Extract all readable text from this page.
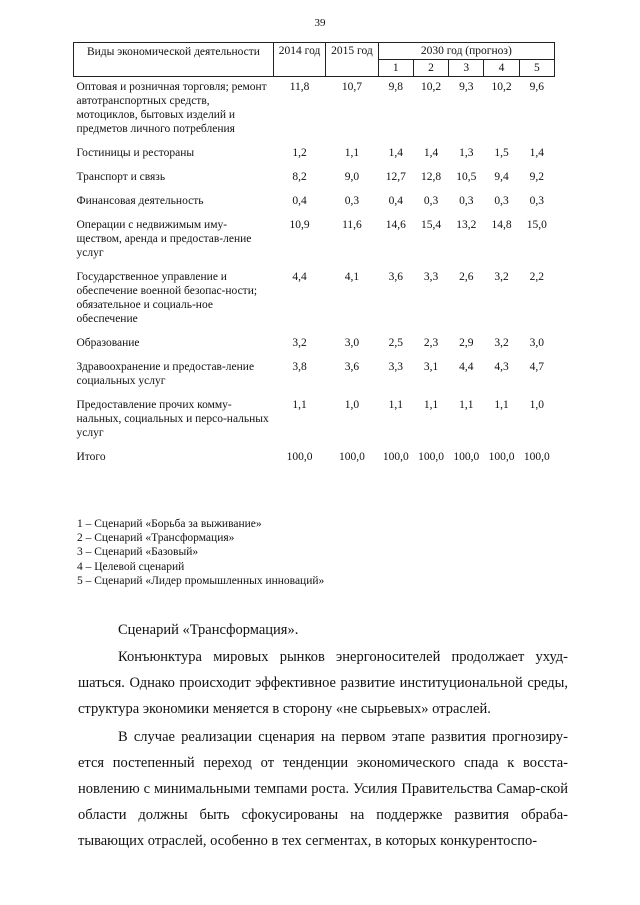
39
Виды экономической деятельности	2014 год	2015 год	2030 год (прогноз)				
			1	2	3	4	5
Оптовая и розничная торговля; ремонт автотранспортных средств, мотоциклов, бытовых изделий и предметов личного потребления	11,8	10,7	9,8	10,2	9,3	10,2	9,6
Гостиницы и рестораны	1,2	1,1	1,4	1,4	1,3	1,5	1,4
Транспорт и связь	8,2	9,0	12,7	12,8	10,5	9,4	9,2
Финансовая деятельность	0,4	0,3	0,4	0,3	0,3	0,3	0,3
Операции с недвижимым иму-ществом, аренда и предостав-ление услуг	10,9	11,6	14,6	15,4	13,2	14,8	15,0
Государственное управление и обеспечение военной безопас-ности; обязательное и социаль-ное обеспечение	4,4	4,1	3,6	3,3	2,6	3,2	2,2
Образование	3,2	3,0	2,5	2,3	2,9	3,2	3,0
Здравоохранение и предостав-ление социальных услуг	3,8	3,6	3,3	3,1	4,4	4,3	4,7
Предоставление прочих комму-нальных, социальных и персо-нальных услуг	1,1	1,0	1,1	1,1	1,1	1,1	1,0
Итого	100,0	100,0	100,0	100,0	100,0	100,0	100,0
1 – Сценарий «Борьба за выживание»
2 – Сценарий «Трансформация»
3 – Сценарий «Базовый»
4 – Целевой сценарий
5 – Сценарий «Лидер промышленных инноваций»
Сценарий «Трансформация».
Конъюнктура мировых рынков энергоносителей продолжает ухуд-шаться. Однако происходит эффективное развитие институциональной среды, структура экономики меняется в сторону «не сырьевых» отраслей.
В случае реализации сценария на первом этапе развития прогнозиру-ется постепенный переход от тенденции экономического спада к восста-новлению с минимальными темпами роста. Усилия Правительства Самар-ской области должны быть сфокусированы на поддержке развития обраба-тывающих отраслей, особенно в тех сегментах, в которых конкурентоспо-
